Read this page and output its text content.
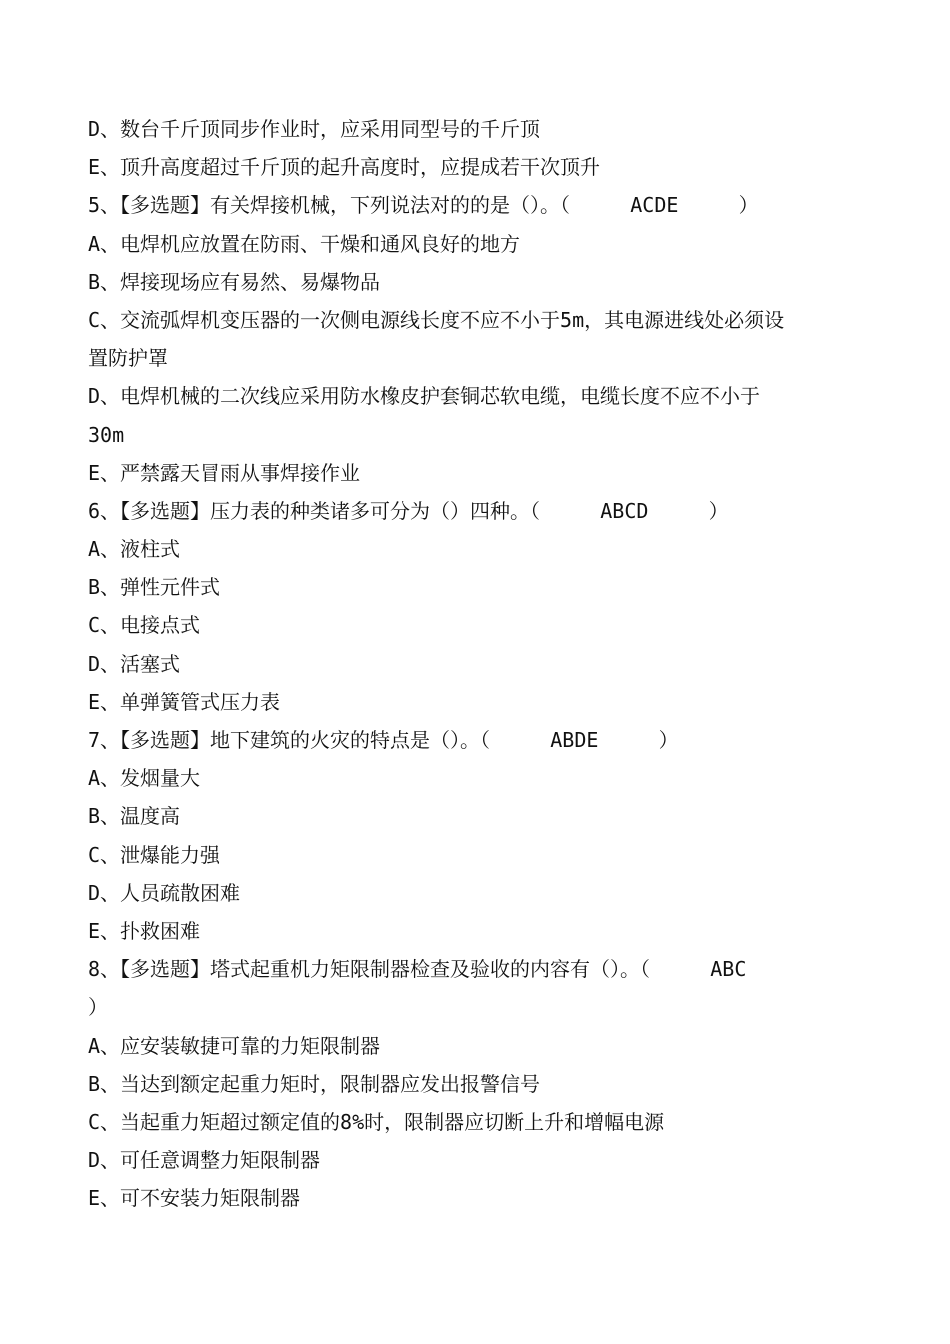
D、数台千斤顶同步作业时，应采用同型号的千斤顶
E、顶升高度超过千斤顶的起升高度时，应提成若干次顶升
5、【多选题】有关焊接机械，下列说法对的的是（）。（     ACDE     ）
A、电焊机应放置在防雨、干燥和通风良好的地方
B、焊接现场应有易然、易爆物品
C、交流弧焊机变压器的一次侧电源线长度不应不小于5m，其电源进线处必须设
置防护罩
D、电焊机械的二次线应采用防水橡皮护套铜芯软电缆，电缆长度不应不小于
30m
E、严禁露天冒雨从事焊接作业
6、【多选题】压力表的种类诸多可分为（）四种。（     ABCD     ）
A、液柱式
B、弹性元件式
C、电接点式
D、活塞式
E、单弹簧管式压力表
7、【多选题】地下建筑的火灾的特点是（）。（     ABDE     ）
A、发烟量大
B、温度高
C、泄爆能力强
D、人员疏散困难
E、扑救困难
8、【多选题】塔式起重机力矩限制器检查及验收的内容有（）。（     ABC
）
A、应安装敏捷可靠的力矩限制器
B、当达到额定起重力矩时，限制器应发出报警信号
C、当起重力矩超过额定值的8%时，限制器应切断上升和增幅电源
D、可任意调整力矩限制器
E、可不安装力矩限制器
